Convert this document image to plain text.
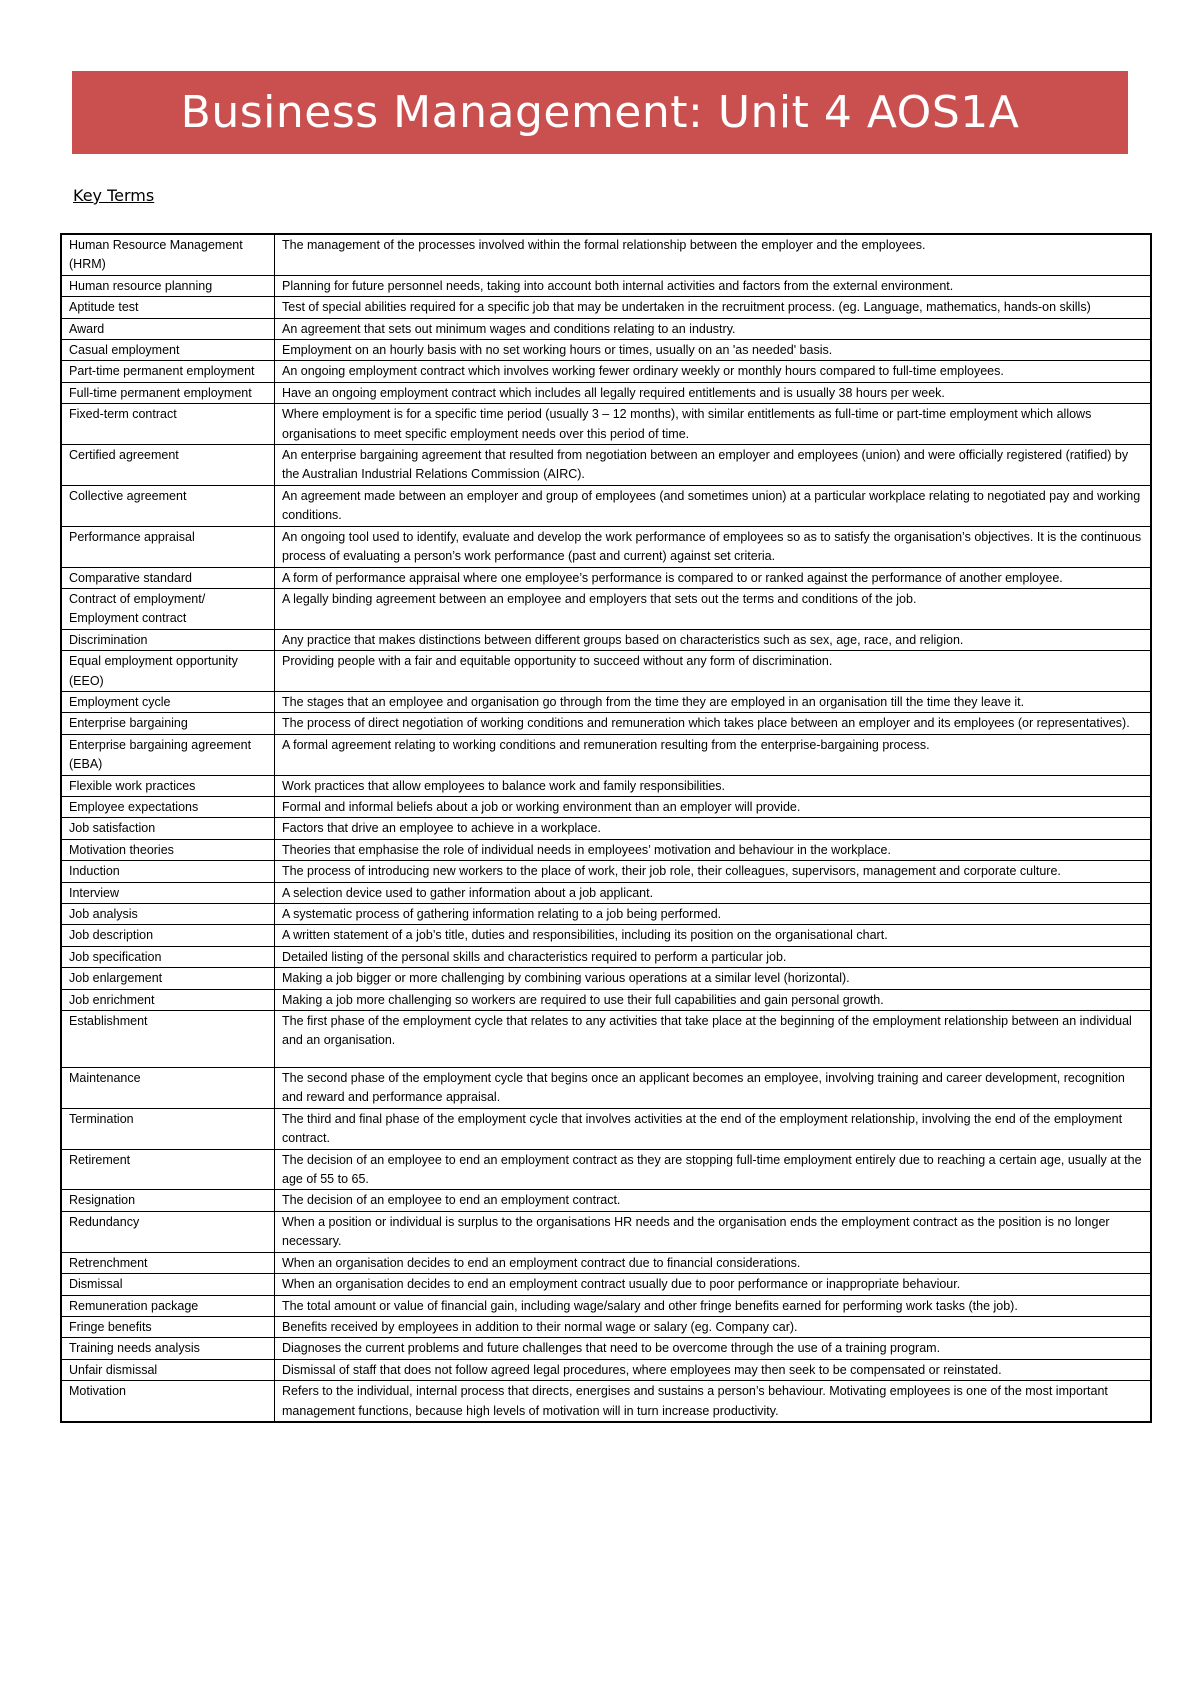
Business Management: Unit 4 AOS1A
Key Terms
Human Resource Management (HRM)	The management of the processes involved within the formal relationship between the employer and the employees.
Human resource planning	Planning for future personnel needs, taking into account both internal activities and factors from the external environment.
Aptitude test	Test of special abilities required for a specific job that may be undertaken in the recruitment process. (eg. Language, mathematics, hands-on skills)
Award	An agreement that sets out minimum wages and conditions relating to an industry.
Casual employment	Employment on an hourly basis with no set working hours or times, usually on an 'as needed' basis.
Part-time permanent employment	An ongoing employment contract which involves working fewer ordinary weekly or monthly hours compared to full-time employees.
Full-time permanent employment	Have an ongoing employment contract which includes all legally required entitlements and is usually 38 hours per week.
Fixed-term contract	Where employment is for a specific time period (usually 3 – 12 months), with similar entitlements as full-time or part-time employment which allows organisations to meet specific employment needs over this period of time.
Certified agreement	An enterprise bargaining agreement that resulted from negotiation between an employer and employees (union) and were officially registered (ratified) by the Australian Industrial Relations Commission (AIRC).
Collective agreement	An agreement made between an employer and group of employees (and sometimes union) at a particular workplace relating to negotiated pay and working conditions.
Performance appraisal	An ongoing tool used to identify, evaluate and develop the work performance of employees so as to satisfy the organisation’s objectives. It is the continuous process of evaluating a person’s work performance (past and current) against set criteria.
Comparative standard	A form of performance appraisal where one employee’s performance is compared to or ranked against the performance of another employee.
Contract of employment/ Employment contract	A legally binding agreement between an employee and employers that sets out the terms and conditions of the job.
Discrimination	Any practice that makes distinctions between different groups based on characteristics such as sex, age, race, and religion.
Equal employment opportunity (EEO)	Providing people with a fair and equitable opportunity to succeed without any form of discrimination.
Employment cycle	The stages that an employee and organisation go through from the time they are employed in an organisation till the time they leave it.
Enterprise bargaining	The process of direct negotiation of working conditions and remuneration which takes place between an employer and its employees (or representatives).
Enterprise bargaining agreement (EBA)	A formal agreement relating to working conditions and remuneration resulting from the enterprise-bargaining process.
Flexible work practices	Work practices that allow employees to balance work and family responsibilities.
Employee expectations	Formal and informal beliefs about a job or working environment than an employer will provide.
Job satisfaction	Factors that drive an employee to achieve in a workplace.
Motivation theories	Theories that emphasise the role of individual needs in employees’ motivation and behaviour in the workplace.
Induction	The process of introducing new workers to the place of work, their job role, their colleagues, supervisors, management and corporate culture.
Interview	A selection device used to gather information about a job applicant.
Job analysis	A systematic process of gathering information relating to a job being performed.
Job description	A written statement of a job’s title, duties and responsibilities, including its position on the organisational chart.
Job specification	Detailed listing of the personal skills and characteristics required to perform a particular job.
Job enlargement	Making a job bigger or more challenging by combining various operations at a similar level (horizontal).
Job enrichment	Making a job more challenging so workers are required to use their full capabilities and gain personal growth.
Establishment	The first phase of the employment cycle that relates to any activities that take place at the beginning of the employment relationship between an individual and an organisation.
Maintenance	The second phase of the employment cycle that begins once an applicant becomes an employee, involving training and career development, recognition and reward and performance appraisal.
Termination	The third and final phase of the employment cycle that involves activities at the end of the employment relationship, involving the end of the employment contract.
Retirement	The decision of an employee to end an employment contract as they are stopping full-time employment entirely due to reaching a certain age, usually at the age of 55 to 65.
Resignation	The decision of an employee to end an employment contract.
Redundancy	When a position or individual is surplus to the organisations HR needs and the organisation ends the employment contract as the position is no longer necessary.
Retrenchment	When an organisation decides to end an employment contract due to financial considerations.
Dismissal	When an organisation decides to end an employment contract usually due to poor performance or inappropriate behaviour.
Remuneration package	The total amount or value of financial gain, including wage/salary and other fringe benefits earned for performing work tasks (the job).
Fringe benefits	Benefits received by employees in addition to their normal wage or salary (eg. Company car).
Training needs analysis	Diagnoses the current problems and future challenges that need to be overcome through the use of a training program.
Unfair dismissal	Dismissal of staff that does not follow agreed legal procedures, where employees may then seek to be compensated or reinstated.
Motivation	Refers to the individual, internal process that directs, energises and sustains a person’s behaviour. Motivating employees is one of the most important management functions, because high levels of motivation will in turn increase productivity.
